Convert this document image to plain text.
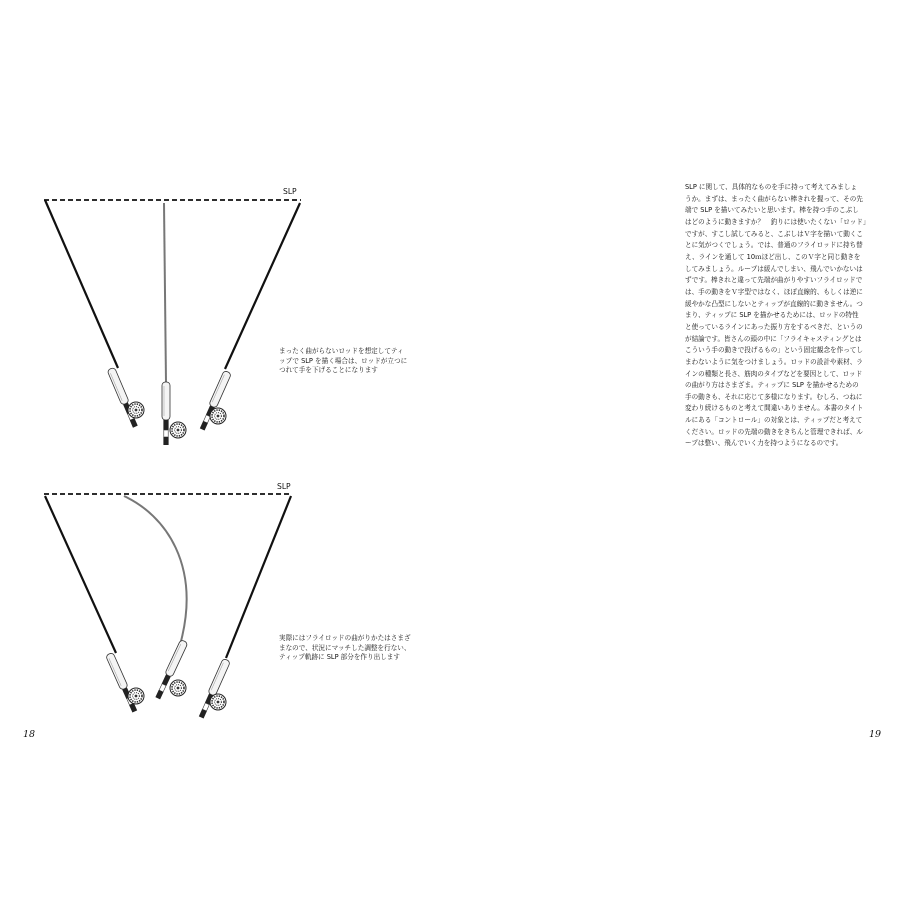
SLP
SLP

まったく曲がらないロッドを想定してティップで SLP を描く場合は、ロッドが立つにつれて手を下げることになります

実際にはフライロッドの曲がりかたはさまざまなので、状況にマッチした調整を行ない、ティップ軌跡に SLP 部分を作り出します

SLP に関して、具体的なものを手に持って考えてみましょ
うか。まずは、まったく曲がらない棒きれを握って、その先
端で SLP を描いてみたいと思います。棒を持つ手のこぶし
はどのように動きますか？　釣りには使いたくない「ロッド」
ですが、すこし試してみると、こぶしはＶ字を描いて動くこ
とに気がつくでしょう。では、普通のフライロッドに持ち替
え、ラインを通して 10ｍほど出し、このＶ字と同じ動きを
してみましょう。ループは緩んでしまい、飛んでいかないは
ずです。棒きれと違って先端が曲がりやすいフライロッドで
は、手の動きをＶ字型ではなく、ほぼ直線的、もしくは逆に
緩やかな凸型にしないとティップが直線的に動きません。つ
まり、ティップに SLP を描かせるためには、ロッドの特性
と使っているラインにあった振り方をするべきだ、というの
が結論です。皆さんの頭の中に「フライキャスティングとは
こういう手の動きで投げるもの」という固定観念を作ってし
まわないように気をつけましょう。ロッドの設計や素材、ラ
インの種類と長さ、筋肉のタイプなどを要因として、ロッド
の曲がり方はさまざま。ティップに SLP を描かせるための
手の動きも、それに応じて多様になります。むしろ、つねに
変わり続けるものと考えて間違いありません。本書のタイト
ルにある「コントロール」の対象とは、ティップだと考えて
ください。ロッドの先端の動きをきちんと管理できれば、ル
ープは整い、飛んでいく力を持つようになるのです。
18	19
